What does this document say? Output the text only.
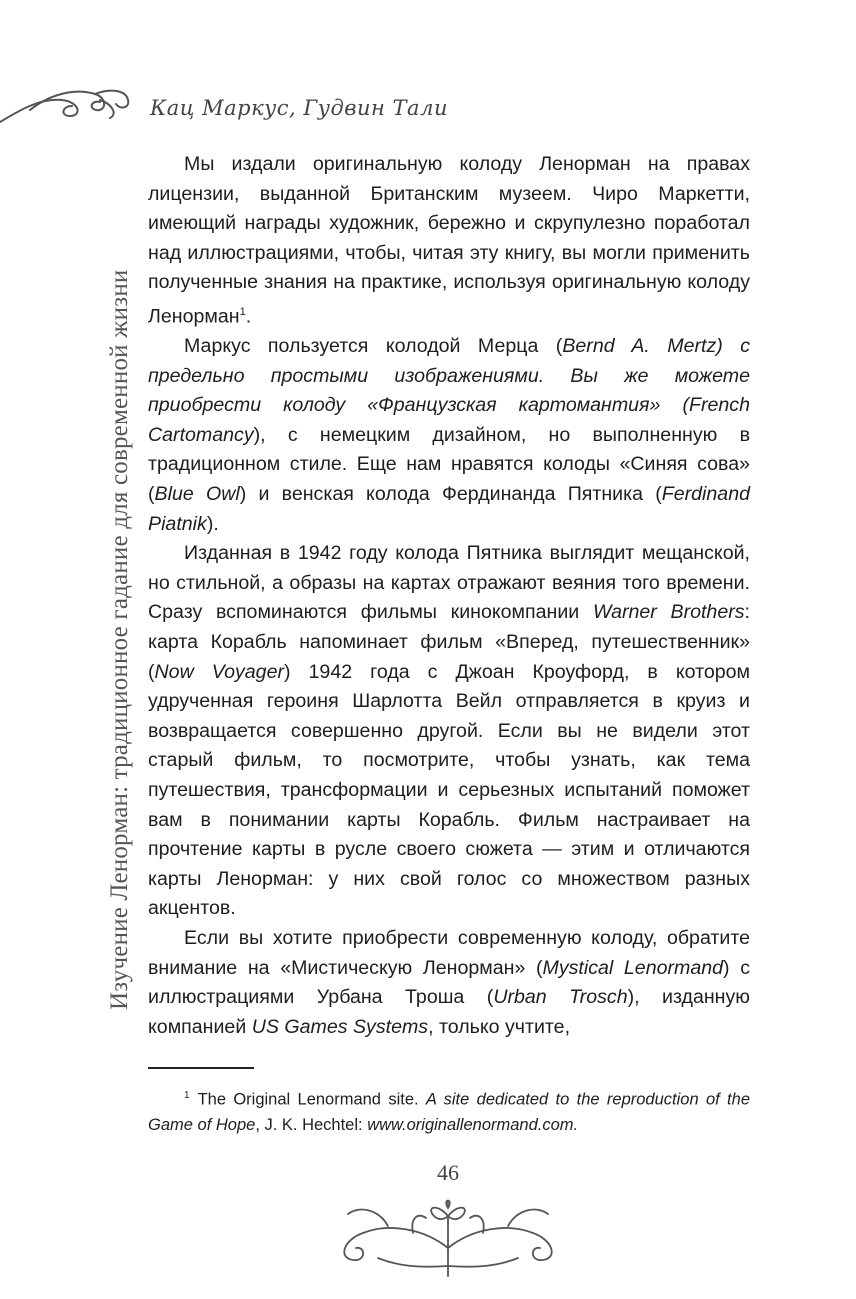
Кац Маркус, Гудвин Тали
Изучение Ленорман: традиционное гадание для современной жизни

Мы издали оригинальную колоду Ленорман на правах лицензии, выданной Британским музеем. Чиро Маркетти, имеющий награды художник, бережно и скрупулезно поработал над иллюстрациями, чтобы, читая эту книгу, вы могли применить полученные знания на практике, используя оригинальную колоду Ленорман$^1$.

Маркус пользуется колодой Мерца (Bernd A. Mertz) с предельно простыми изображениями. Вы же можете приобрести колоду «Французская картомантия» (French Cartomancy), с немецким дизайном, но выполненную в традиционном стиле. Еще нам нравятся колоды «Синяя сова» (Blue Owl) и венская колода Фердинанда Пятника (Ferdinand Piatnik).

Изданная в 1942 году колода Пятника выглядит мещанской, но стильной, а образы на картах отражают веяния того времени. Сразу вспоминаются фильмы кинокомпании Warner Brothers: карта Корабль напоминает фильм «Вперед, путешественник» (Now Voyager) 1942 года с Джоан Кроуфорд, в котором удрученная героиня Шарлотта Вейл отправляется в круиз и возвращается совершенно другой. Если вы не видели этот старый фильм, то посмотрите, чтобы узнать, как тема путешествия, трансформации и серьезных испытаний поможет вам в понимании карты Корабль. Фильм настраивает на прочтение карты в русле своего сюжета — этим и отличаются карты Ленорман: у них свой голос со множеством разных акцентов.

Если вы хотите приобрести современную колоду, обратите внимание на «Мистическую Ленорман» (Mystical Lenormand) с иллюстрациями Урбана Троша (Urban Trosch), изданную компанией US Games Systems, только учтите,

$^1$ The Original Lenormand site. A site dedicated to the reproduction of the Game of Hope, J. K. Hechtel: www.originallenormand.com.
46
